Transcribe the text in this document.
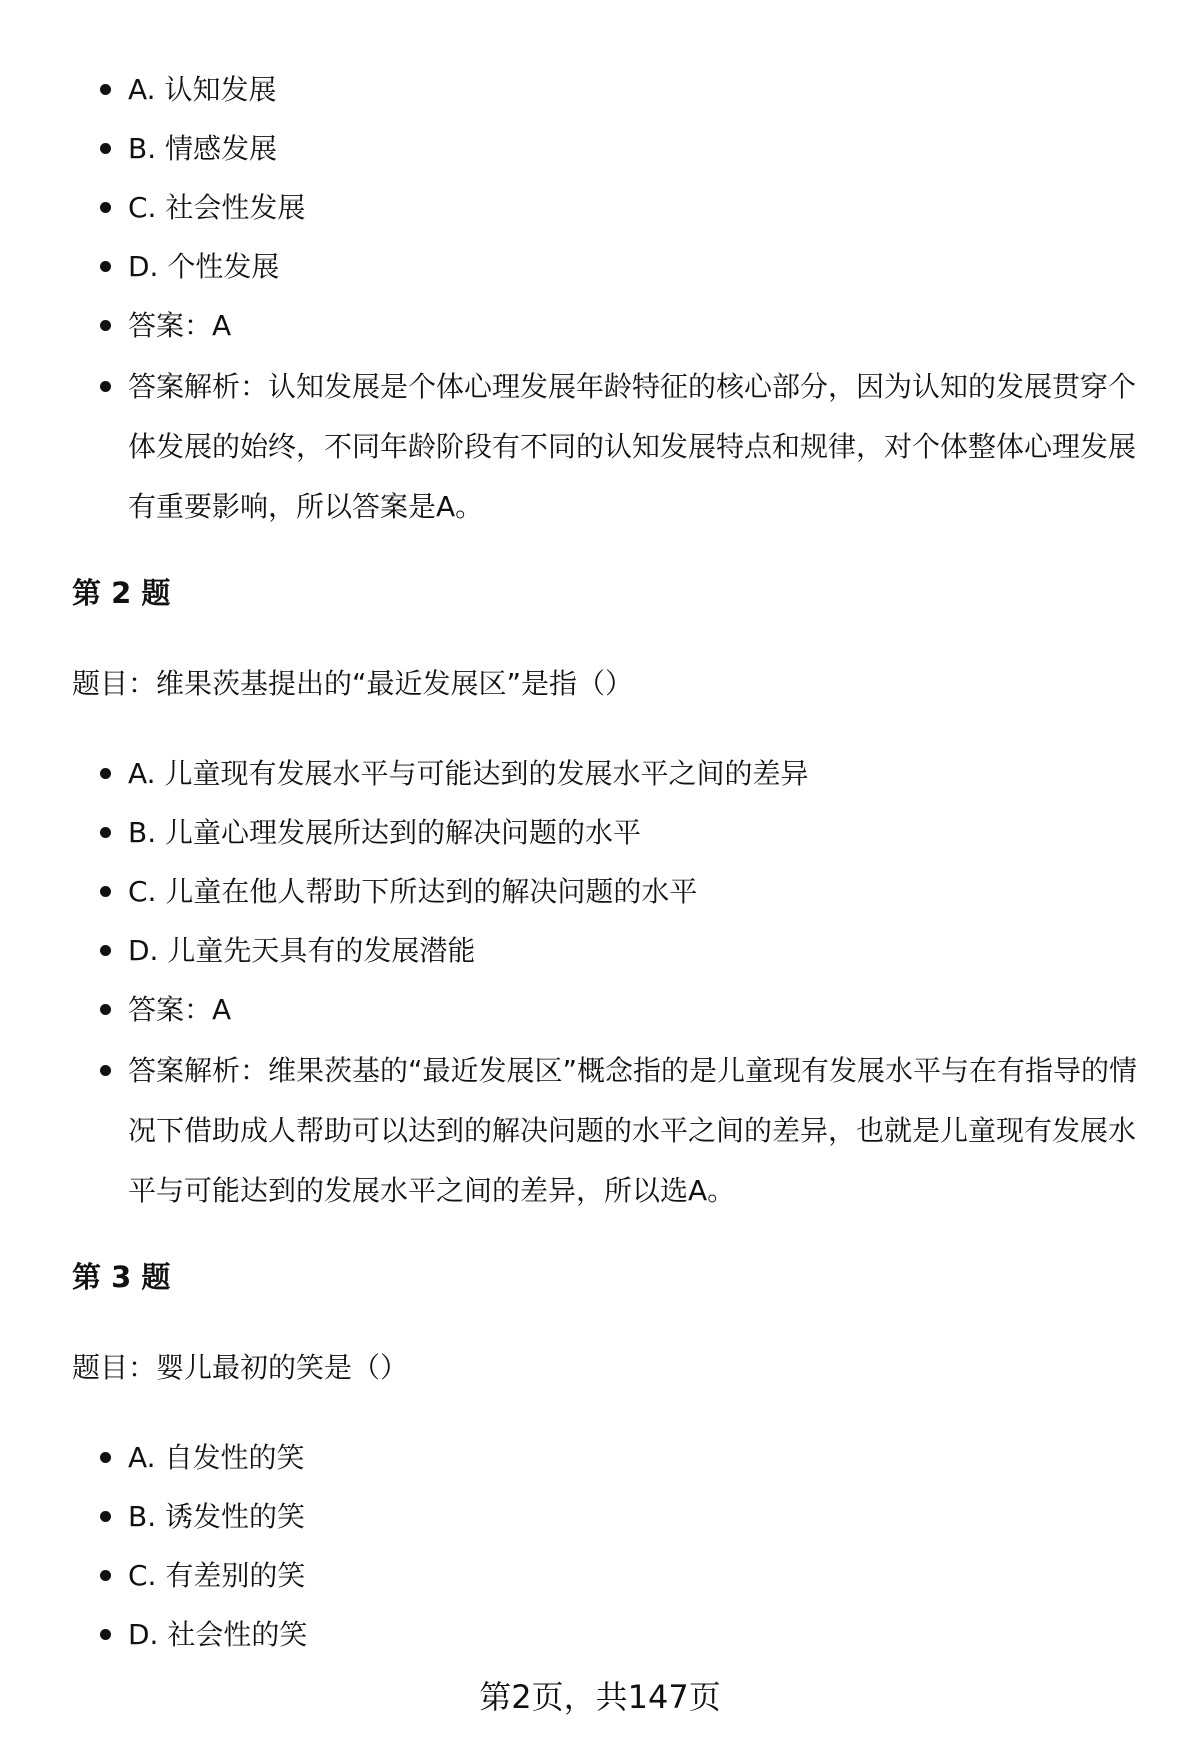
A. 认知发展
B. 情感发展
C. 社会性发展
D. 个性发展
答案：A
答案解析：认知发展是个体心理发展年龄特征的核心部分，因为认知的发展贯穿个体发展的始终，不同年龄阶段有不同的认知发展特点和规律，对个体整体心理发展有重要影响，所以答案是A。
第 2 题
题目：维果茨基提出的“最近发展区”是指（）
A. 儿童现有发展水平与可能达到的发展水平之间的差异
B. 儿童心理发展所达到的解决问题的水平
C. 儿童在他人帮助下所达到的解决问题的水平
D. 儿童先天具有的发展潜能
答案：A
答案解析：维果茨基的“最近发展区”概念指的是儿童现有发展水平与在有指导的情况下借助成人帮助可以达到的解决问题的水平之间的差异，也就是儿童现有发展水平与可能达到的发展水平之间的差异，所以选A。
第 3 题
题目：婴儿最初的笑是（）
A. 自发性的笑
B. 诱发性的笑
C. 有差别的笑
D. 社会性的笑
第2页，共147页
